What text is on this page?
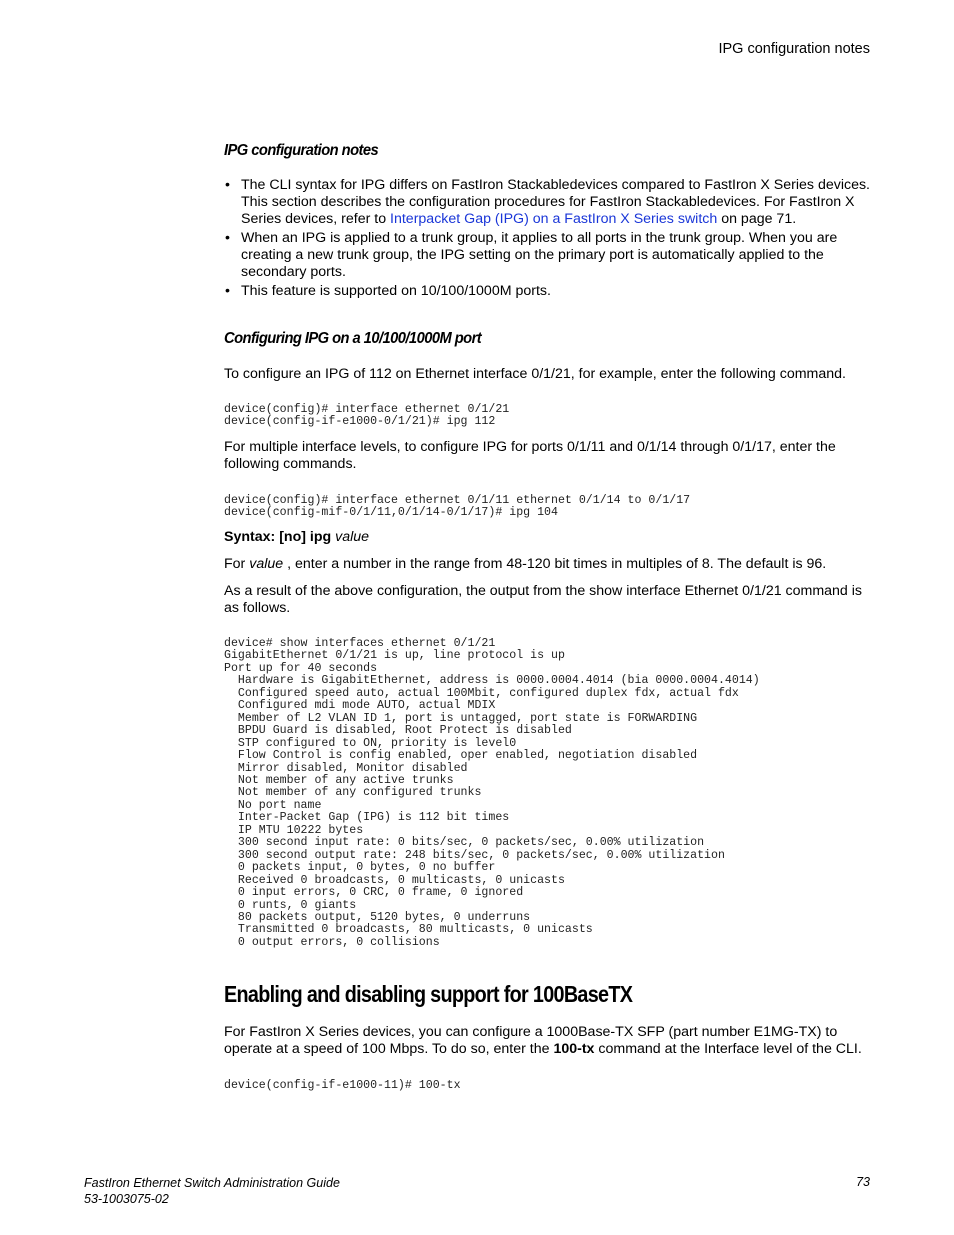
IPG configuration notes
IPG configuration notes
• The CLI syntax for IPG differs on FastIron Stackabledevices compared to FastIron X Series devices. This section describes the configuration procedures for FastIron Stackabledevices. For FastIron X Series devices, refer to Interpacket Gap (IPG) on a FastIron X Series switch on page 71.
• When an IPG is applied to a trunk group, it applies to all ports in the trunk group. When you are creating a new trunk group, the IPG setting on the primary port is automatically applied to the secondary ports.
• This feature is supported on 10/100/1000M ports.
Configuring IPG on a 10/100/1000M port

To configure an IPG of 112 on Ethernet interface 0/1/21, for example, enter the following command.

device(config)# interface ethernet 0/1/21
device(config-if-e1000-0/1/21)# ipg 112

For multiple interface levels, to configure IPG for ports 0/1/11 and 0/1/14 through 0/1/17, enter the following commands.

device(config)# interface ethernet 0/1/11 ethernet 0/1/14 to 0/1/17
device(config-mif-0/1/11,0/1/14-0/1/17)# ipg 104

Syntax: [no] ipg value

For value , enter a number in the range from 48-120 bit times in multiples of 8. The default is 96.

As a result of the above configuration, the output from the show interface Ethernet 0/1/21 command is as follows.

device# show interfaces ethernet 0/1/21
GigabitEthernet 0/1/21 is up, line protocol is up
Port up for 40 seconds
Hardware is GigabitEthernet, address is 0000.0004.4014 (bia 0000.0004.4014)
Configured speed auto, actual 100Mbit, configured duplex fdx, actual fdx
Configured mdi mode AUTO, actual MDIX
Member of L2 VLAN ID 1, port is untagged, port state is FORWARDING
BPDU Guard is disabled, Root Protect is disabled
STP configured to ON, priority is level0
Flow Control is config enabled, oper enabled, negotiation disabled
Mirror disabled, Monitor disabled
Not member of any active trunks
Not member of any configured trunks
No port name
Inter-Packet Gap (IPG) is 112 bit times
IP MTU 10222 bytes
300 second input rate: 0 bits/sec, 0 packets/sec, 0.00% utilization
300 second output rate: 248 bits/sec, 0 packets/sec, 0.00% utilization
0 packets input, 0 bytes, 0 no buffer
Received 0 broadcasts, 0 multicasts, 0 unicasts
0 input errors, 0 CRC, 0 frame, 0 ignored
0 runts, 0 giants
80 packets output, 5120 bytes, 0 underruns
Transmitted 0 broadcasts, 80 multicasts, 0 unicasts
0 output errors, 0 collisions
Enabling and disabling support for 100BaseTX

For FastIron X Series devices, you can configure a 1000Base-TX SFP (part number E1MG-TX) to operate at a speed of 100 Mbps. To do so, enter the 100-tx command at the Interface level of the CLI.

device(config-if-e1000-11)# 100-tx
FastIron Ethernet Switch Administration Guide
53-1003075-02
73
